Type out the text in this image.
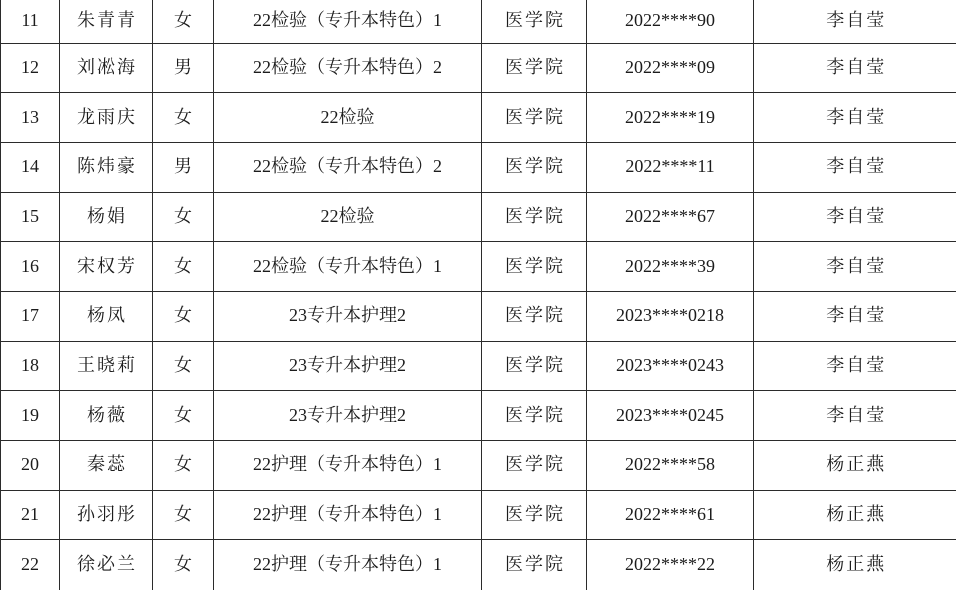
11	朱青青	女	22检验（专升本特色）1	医学院	2022****90	李自莹
12	刘凇海	男	22检验（专升本特色）2	医学院	2022****09	李自莹
13	龙雨庆	女	22检验	医学院	2022****19	李自莹
14	陈炜豪	男	22检验（专升本特色）2	医学院	2022****11	李自莹
15	杨娟	女	22检验	医学院	2022****67	李自莹
16	宋权芳	女	22检验（专升本特色）1	医学院	2022****39	李自莹
17	杨凤	女	23专升本护理2	医学院	2023****0218	李自莹
18	王晓莉	女	23专升本护理2	医学院	2023****0243	李自莹
19	杨薇	女	23专升本护理2	医学院	2023****0245	李自莹
20	秦蕊	女	22护理（专升本特色）1	医学院	2022****58	杨正燕
21	孙羽彤	女	22护理（专升本特色）1	医学院	2022****61	杨正燕
22	徐必兰	女	22护理（专升本特色）1	医学院	2022****22	杨正燕
